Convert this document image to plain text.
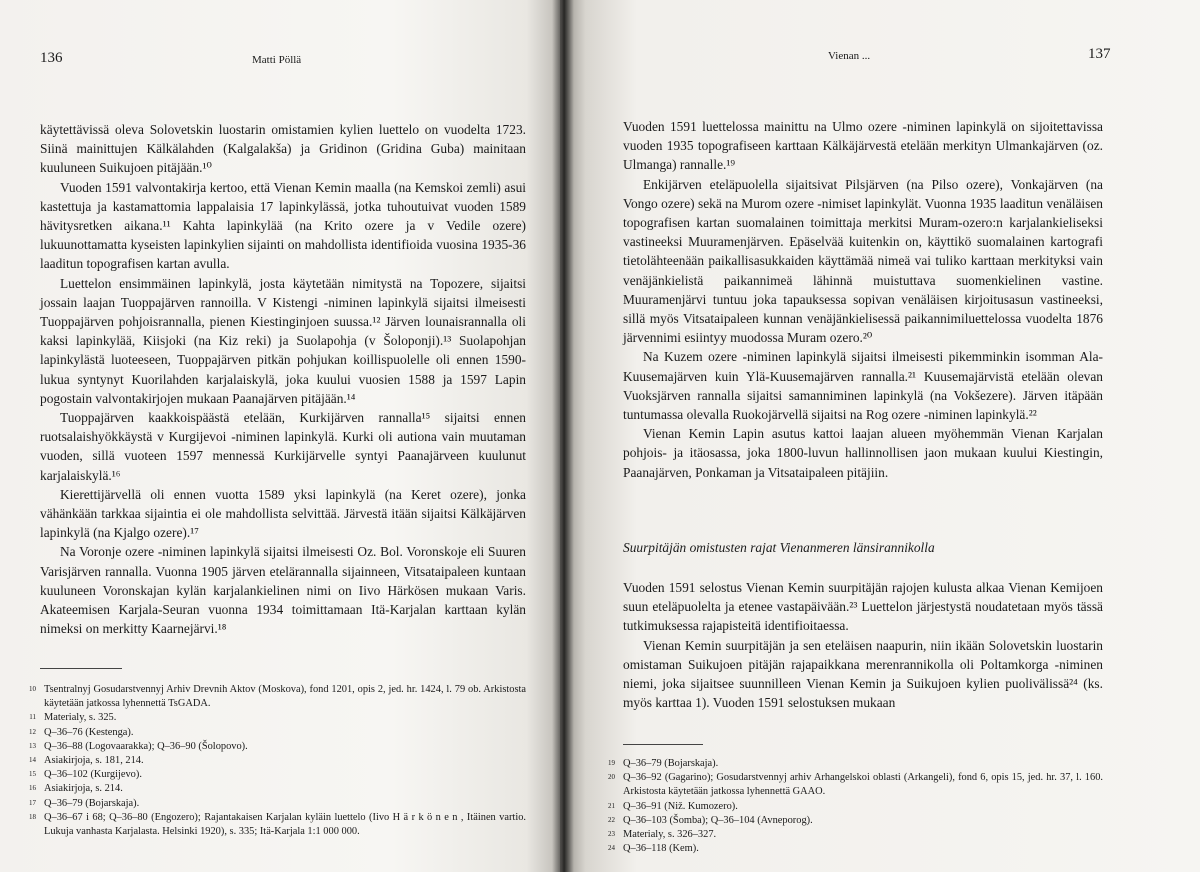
136	Matti Pöllä

käytettävissä oleva Solovetskin luostarin omistamien kylien luettelo on vuodelta 1723. Siinä mainittujen Kälkälahden (Kalgalakša) ja Gridinon (Gridina Guba) mainitaan kuuluneen Suikujoen pitäjään.¹⁰

Vuoden 1591 valvontakirja kertoo, että Vienan Kemin maalla (na Kemskoi zemli) asui kastettuja ja kastamattomia lappalaisia 17 lapinkylässä, jotka tuhoutuivat vuoden 1589 hävitysretken aikana.¹¹ Kahta lapinkylää (na Krito ozere ja v Vedile ozere) lukuunottamatta kyseisten lapinkylien sijainti on mahdollista identifioida vuosina 1935-36 laaditun topografisen kartan avulla.

Luettelon ensimmäinen lapinkylä, josta käytetään nimitystä na Topozere, sijaitsi jossain laajan Tuoppajärven rannoilla. V Kistengi -niminen lapinkylä sijaitsi ilmeisesti Tuoppajärven pohjoisrannalla, pienen Kiestinginjoen suussa.¹² Järven lounaisrannalla oli kaksi lapinkylää, Kiisjoki (na Kiz reki) ja Suolapohja (v Šoloponji).¹³ Suolapohjan lapinkylästä luoteeseen, Tuoppajärven pitkän pohjukan koillispuolelle oli ennen 1590-lukua syntynyt Kuorilahden karjalaiskylä, joka kuului vuosien 1588 ja 1597 Lapin pogostain valvontakirjojen mukaan Paanajärven pitäjään.¹⁴

Tuoppajärven kaakkoispäästä etelään, Kurkijärven rannalla¹⁵ sijaitsi ennen ruotsalaishyökkäystä v Kurgijevoi -niminen lapinkylä. Kurki oli autiona vain muutaman vuoden, sillä vuoteen 1597 mennessä Kurkijärvelle syntyi Paanajärveen kuulunut karjalaiskylä.¹⁶

Kierettijärvellä oli ennen vuotta 1589 yksi lapinkylä (na Keret ozere), jonka vähänkään tarkkaa sijaintia ei ole mahdollista selvittää. Järvestä itään sijaitsi Kälkäjärven lapinkylä (na Kjalgo ozere).¹⁷

Na Voronje ozere -niminen lapinkylä sijaitsi ilmeisesti Oz. Bol. Voronskoje eli Suuren Varisjärven rannalla. Vuonna 1905 järven etelärannalla sijainneen, Vitsataipaleen kuntaan kuuluneen Voronskajan kylän karjalankielinen nimi on Iivo Härkösen mukaan Varis. Akateemisen Karjala-Seuran vuonna 1934 toimittamaan Itä-Karjalan karttaan kylän nimeksi on merkitty Kaarnejärvi.¹⁸

10 Tsentralnyj Gosudarstvennyj Arhiv Drevnih Aktov (Moskova), fond 1201, opis 2, jed. hr. 1424, l. 79 ob. Arkistosta käytetään jatkossa lyhennettä TsGADA.
11 Materialy, s. 325.
12 Q–36–76 (Kestenga).
13 Q–36–88 (Logovaarakka); Q–36–90 (Šolopovo).
14 Asiakirjoja, s. 181, 214.
15 Q–36–102 (Kurgijevo).
16 Asiakirjoja, s. 214.
17 Q–36–79 (Bojarskaja).
18 Q–36–67 i 68; Q–36–80 (Engozero); Rajantakaisen Karjalan kyläin luettelo (Iivo H ä r k ö n e n , Itäinen vartio. Lukuja vanhasta Karjalasta. Helsinki 1920), s. 335; Itä-Karjala 1:1 000 000.
Vienan ...	137

Vuoden 1591 luettelossa mainittu na Ulmo ozere -niminen lapinkylä on sijoitettavissa vuoden 1935 topografiseen karttaan Kälkäjärvestä etelään merkityn Ulmankajärven (oz. Ulmanga) rannalle.¹⁹

Enkijärven eteläpuolella sijaitsivat Pilsjärven (na Pilso ozere), Vonkajärven (na Vongo ozere) sekä na Murom ozere -nimiset lapinkylät. Vuonna 1935 laaditun venäläisen topografisen kartan suomalainen toimittaja merkitsi Muram-ozero:n karjalankieliseksi vastineeksi Muuramenjärven. Epäselvää kuitenkin on, käyttikö suomalainen kartografi tietolähteenään paikallisasukkaiden käyttämää nimeä vai tuliko karttaan merkityksi vain venäjänkielistä paikannimeä lähinnä muistuttava suomenkielinen vastine. Muuramenjärvi tuntuu joka tapauksessa sopivan venäläisen kirjoitusasun vastineeksi, sillä myös Vitsataipaleen kunnan venäjänkielisessä paikannimiluettelossa vuodelta 1876 järvennimi esiintyy muodossa Muram ozero.²⁰

Na Kuzem ozere -niminen lapinkylä sijaitsi ilmeisesti pikemminkin isomman Ala-Kuusemajärven kuin Ylä-Kuusemajärven rannalla.²¹ Kuusemajärvistä etelään olevan Vuoksjärven rannalla sijaitsi samanniminen lapinkylä (na Vokšezere). Järven itäpään tuntumassa olevalla Ruokojärvellä sijaitsi na Rog ozere -niminen lapinkylä.²²

Vienan Kemin Lapin asutus kattoi laajan alueen myöhemmän Vienan Karjalan pohjois- ja itäosassa, joka 1800-luvun hallinnollisen jaon mukaan kuului Kiestingin, Paanajärven, Ponkaman ja Vitsataipaleen pitäjiin.

Suurpitäjän omistusten rajat Vienanmeren länsirannikolla

Vuoden 1591 selostus Vienan Kemin suurpitäjän rajojen kulusta alkaa Vienan Kemijoen suun eteläpuolelta ja etenee vastapäivään.²³ Luettelon järjestystä noudatetaan myös tässä tutkimuksessa rajapisteitä identifioitaessa.

Vienan Kemin suurpitäjän ja sen eteläisen naapurin, niin ikään Solovetskin luostarin omistaman Suikujoen pitäjän rajapaikkana merenrannikolla oli Poltamkorga -niminen niemi, joka sijaitsee suunnilleen Vienan Kemin ja Suikujoen kylien puolivälissä²⁴ (ks. myös karttaa 1). Vuoden 1591 selostuksen mukaan

19 Q–36–79 (Bojarskaja).
20 Q–36–92 (Gagarino); Gosudarstvennyj arhiv Arhangelskoi oblasti (Arkangeli), fond 6, opis 15, jed. hr. 37, l. 160. Arkistosta käytetään jatkossa lyhennettä GAAO.
21 Q–36–91 (Niž. Kumozero).
22 Q–36–103 (Šomba); Q–36–104 (Avneporog).
23 Materialy, s. 326–327.
24 Q–36–118 (Kem).
